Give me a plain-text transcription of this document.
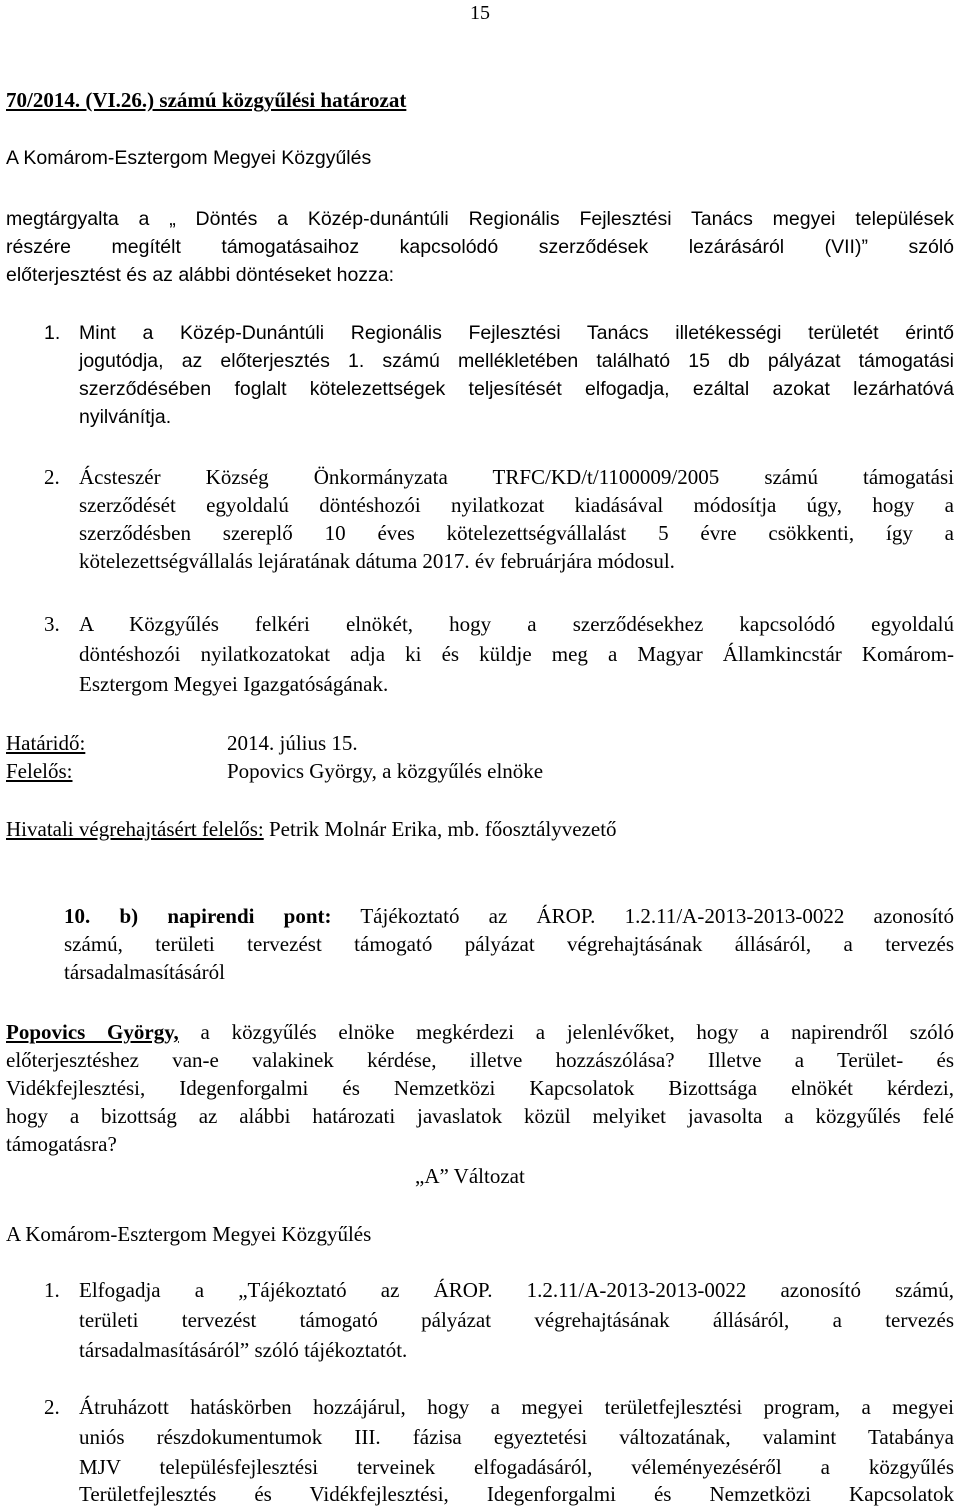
15
70/2014. (VI.26.) számú közgyűlési határozat
A Komárom-Esztergom Megyei Közgyűlés
megtárgyalta a „ Döntés a Közép-dunántúli Regionális Fejlesztési Tanács megyei települések
részére megítélt támogatásaihoz kapcsolódó szerződések lezárásáról (VII)” szóló
előterjesztést és az alábbi döntéseket hozza:
1. Mint a Közép-Dunántúli Regionális Fejlesztési Tanács illetékességi területét érintő
jogutódja, az előterjesztés 1. számú mellékletében található 15 db pályázat támogatási
szerződésében foglalt kötelezettségek teljesítését elfogadja, ezáltal azokat lezárhatóvá
nyilvánítja.
2. Ácsteszér Község Önkormányzata TRFC/KD/t/1100009/2005 számú támogatási
szerződését egyoldalú döntéshozói nyilatkozat kiadásával módosítja úgy, hogy a
szerződésben szereplő 10 éves kötelezettségvállalást 5 évre csökkenti, így a
kötelezettségvállalás lejáratának dátuma 2017. év februárjára módosul.
3. A Közgyűlés felkéri elnökét, hogy a szerződésekhez kapcsolódó egyoldalú
döntéshozói nyilatkozatokat adja ki és küldje meg a Magyar Államkincstár Komárom-
Esztergom Megyei Igazgatóságának.
Határidő:	2014. július 15.
Felelős:	Popovics György, a közgyűlés elnöke
Hivatali végrehajtásért felelős: Petrik Molnár Erika, mb. főosztályvezető
10. b) napirendi pont: Tájékoztató az ÁROP. 1.2.11/A-2013-2013-0022 azonosító
számú, területi tervezést támogató pályázat végrehajtásának állásáról, a tervezés
társadalmasításáról
Popovics György, a közgyűlés elnöke megkérdezi a jelenlévőket, hogy a napirendről szóló
előterjesztéshez van-e valakinek kérdése, illetve hozzászólása? Illetve a Terület- és
Vidékfejlesztési, Idegenforgalmi és Nemzetközi Kapcsolatok Bizottsága elnökét kérdezi,
hogy a bizottság az alábbi határozati javaslatok közül melyiket javasolta a közgyűlés felé
támogatásra?
„A” Változat
A Komárom-Esztergom Megyei Közgyűlés
1. Elfogadja a „Tájékoztató az ÁROP. 1.2.11/A-2013-2013-0022 azonosító számú,
területi tervezést támogató pályázat végrehajtásának állásáról, a tervezés
társadalmasításáról” szóló tájékoztatót.
2. Átruházott hatáskörben hozzájárul, hogy a megyei területfejlesztési program, a megyei
uniós részdokumentumok III. fázisa egyeztetési változatának, valamint Tatabánya
MJV településfejlesztési terveinek elfogadásáról, véleményezéséről a közgyűlés
Területfejlesztés és Vidékfejlesztési, Idegenforgalmi és Nemzetközi Kapcsolatok
